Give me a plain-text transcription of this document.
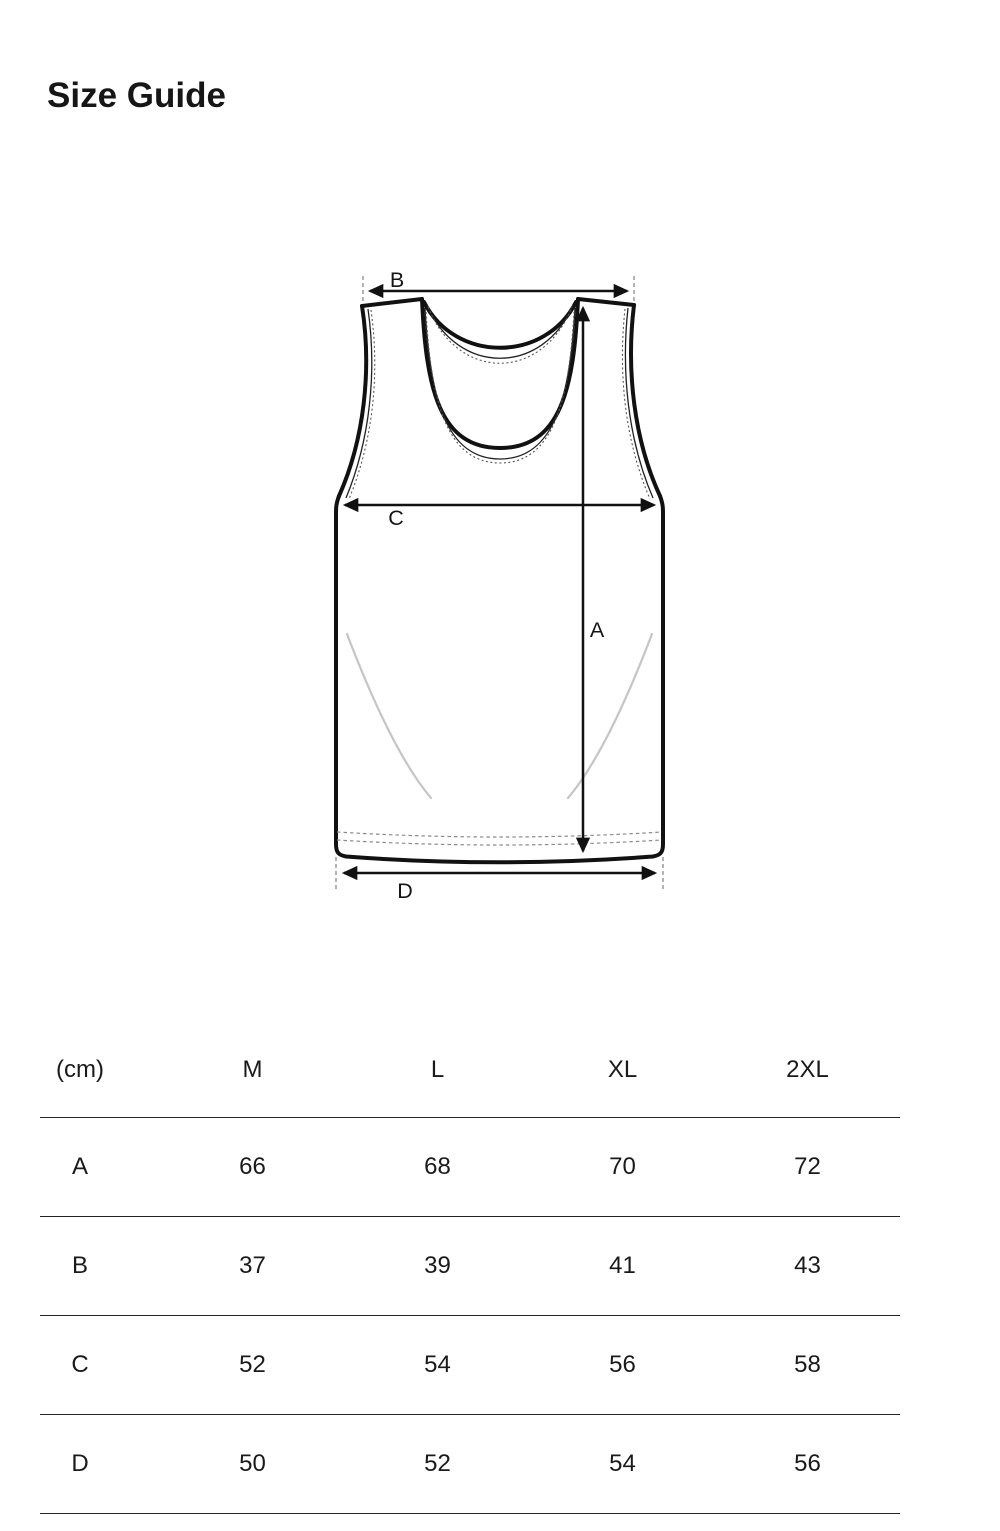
Size Guide
B
C
A
D
(cm)	M	L	XL	2XL
A	66	68	70	72
B	37	39	41	43
C	52	54	56	58
D	50	52	54	56
